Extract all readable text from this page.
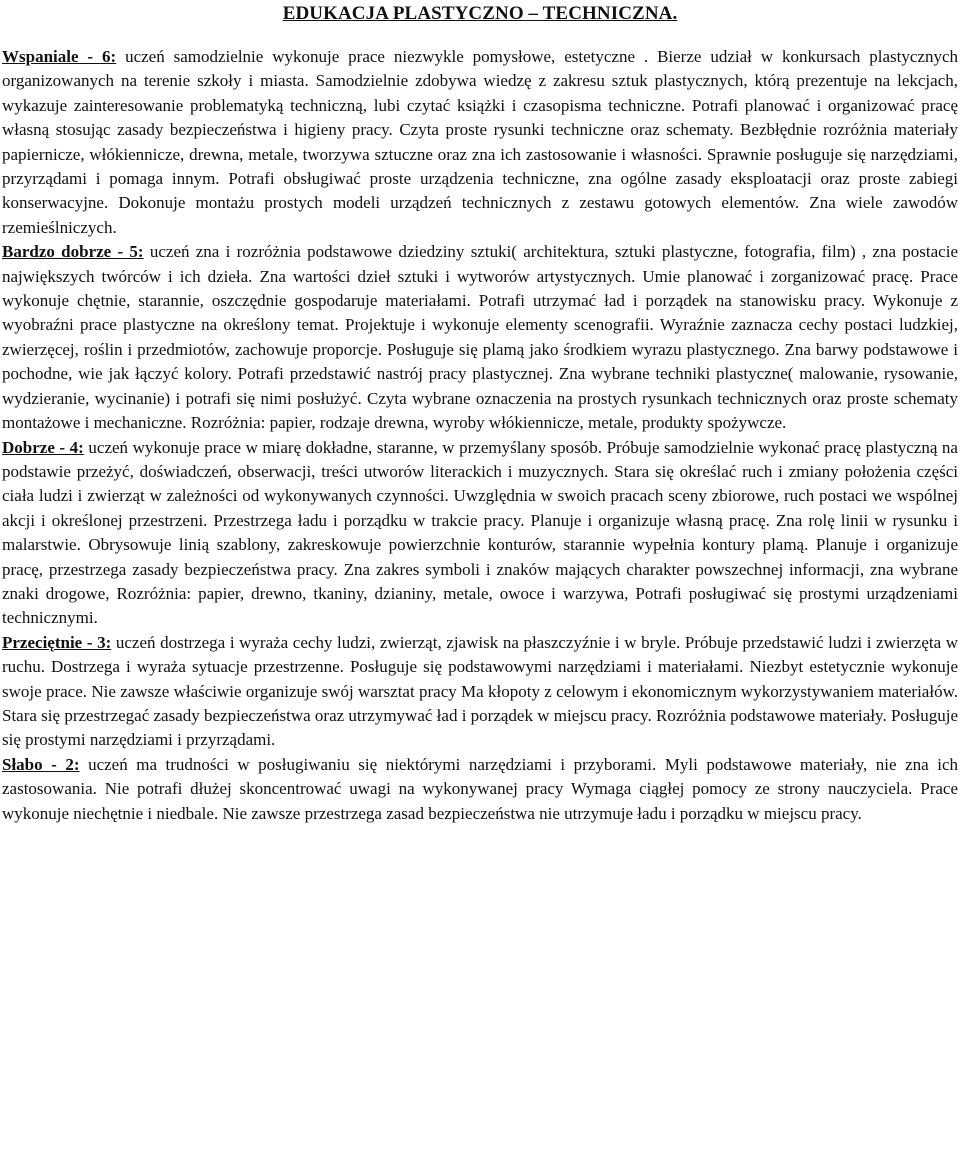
EDUKACJA PLASTYCZNO – TECHNICZNA.

Wspaniale - 6: uczeń samodzielnie wykonuje prace niezwykle pomysłowe, estetyczne . Bierze udział w konkursach plastycznych organizowanych na terenie szkoły i miasta. Samodzielnie zdobywa wiedzę z zakresu sztuk plastycznych, którą prezentuje na lekcjach, wykazuje zainteresowanie problematyką techniczną, lubi czytać książki i czasopisma techniczne. Potrafi planować i organizować pracę własną stosując zasady bezpieczeństwa i higieny pracy. Czyta proste rysunki techniczne oraz schematy. Bezbłędnie rozróżnia materiały papiernicze, włókiennicze, drewna, metale, tworzywa sztuczne oraz zna ich zastosowanie i własności. Sprawnie posługuje się narzędziami, przyrządami i pomaga innym. Potrafi obsługiwać proste urządzenia techniczne, zna ogólne zasady eksploatacji oraz proste zabiegi konserwacyjne. Dokonuje montażu prostych modeli urządzeń technicznych z zestawu gotowych elementów. Zna wiele zawodów rzemieślniczych.

Bardzo dobrze - 5: uczeń zna i rozróżnia podstawowe dziedziny sztuki( architektura, sztuki plastyczne, fotografia, film) , zna postacie największych twórców i ich dzieła. Zna wartości dzieł sztuki i wytworów artystycznych. Umie planować i zorganizować pracę. Prace wykonuje chętnie, starannie, oszczędnie gospodaruje materiałami. Potrafi utrzymać ład i porządek na stanowisku pracy. Wykonuje z wyobraźni prace plastyczne na określony temat. Projektuje i wykonuje elementy scenografii. Wyraźnie zaznacza cechy postaci ludzkiej, zwierzęcej, roślin i przedmiotów, zachowuje proporcje. Posługuje się plamą jako środkiem wyrazu plastycznego. Zna barwy podstawowe i pochodne, wie jak łączyć kolory. Potrafi przedstawić nastrój pracy plastycznej. Zna wybrane techniki plastyczne( malowanie, rysowanie, wydzieranie, wycinanie) i potrafi się nimi posłużyć. Czyta wybrane oznaczenia na prostych rysunkach technicznych oraz proste schematy montażowe i mechaniczne. Rozróżnia: papier, rodzaje drewna, wyroby włókiennicze, metale, produkty spożywcze.

Dobrze - 4: uczeń wykonuje prace w miarę dokładne, staranne, w przemyślany sposób. Próbuje samodzielnie wykonać pracę plastyczną na podstawie przeżyć, doświadczeń, obserwacji, treści utworów literackich i muzycznych. Stara się określać ruch i zmiany położenia części ciała ludzi i zwierząt w zależności od wykonywanych czynności. Uwzględnia w swoich pracach sceny zbiorowe, ruch postaci we wspólnej akcji i określonej przestrzeni. Przestrzega ładu i porządku w trakcie pracy. Planuje i organizuje własną pracę. Zna rolę linii w rysunku i malarstwie. Obrysowuje linią szablony, zakreskowuje powierzchnie konturów, starannie wypełnia kontury plamą. Planuje i organizuje pracę, przestrzega zasady bezpieczeństwa pracy. Zna zakres symboli i znaków mających charakter powszechnej informacji, zna wybrane znaki drogowe, Rozróżnia: papier, drewno, tkaniny, dzianiny, metale, owoce i warzywa, Potrafi posługiwać się prostymi urządzeniami technicznymi.

Przeciętnie - 3: uczeń dostrzega i wyraża cechy ludzi, zwierząt, zjawisk na płaszczyźnie i w bryle. Próbuje przedstawić ludzi i zwierzęta w ruchu. Dostrzega i wyraża sytuacje przestrzenne. Posługuje się podstawowymi narzędziami i materiałami. Niezbyt estetycznie wykonuje swoje prace. Nie zawsze właściwie organizuje swój warsztat pracy Ma kłopoty z celowym i ekonomicznym wykorzystywaniem materiałów. Stara się przestrzegać zasady bezpieczeństwa oraz utrzymywać ład i porządek w miejscu pracy. Rozróżnia podstawowe materiały. Posługuje się prostymi narzędziami i przyrządami.

Słabo - 2: uczeń ma trudności w posługiwaniu się niektórymi narzędziami i przyborami. Myli podstawowe materiały, nie zna ich zastosowania. Nie potrafi dłużej skoncentrować uwagi na wykonywanej pracy Wymaga ciągłej pomocy ze strony nauczyciela. Prace wykonuje niechętnie i niedbale. Nie zawsze przestrzega zasad bezpieczeństwa nie utrzymuje ładu i porządku w miejscu pracy.
